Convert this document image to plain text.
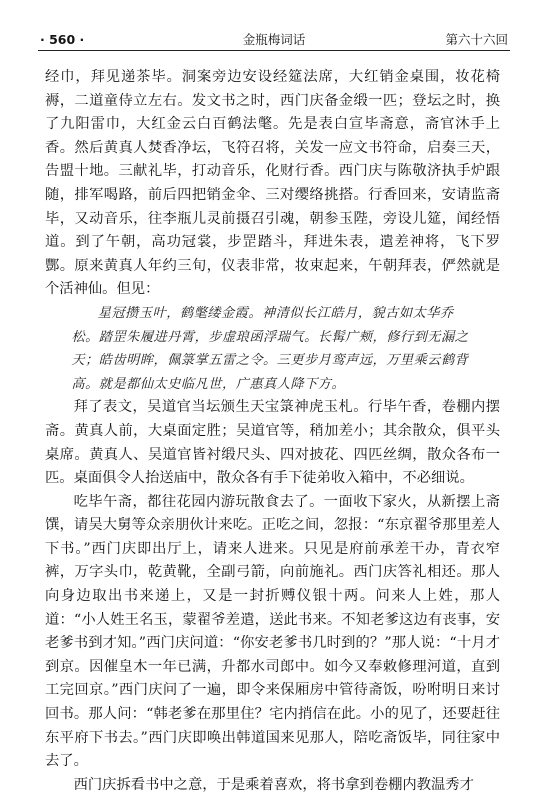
· 560 ·	金瓶梅词话	第六十六回

经巾，拜见递茶毕。洞案旁边安设经筵法席，大红销金桌围，妆花椅褥，二道童侍立左右。发文书之时，西门庆备金缎一匹；登坛之时，换了九阳雷巾，大红金云白百鹤法氅。先是表白宣毕斋意，斋官沐手上香。然后黄真人焚香净坛，飞符召将，关发一应文书符命，启奏三天，告盟十地。三献礼毕，打动音乐，化财行香。西门庆与陈敬济执手炉跟随，排军喝路，前后四把销金伞、三对缨络挑搭。行香回来，安请监斋毕，又动音乐，往李瓶儿灵前摄召引魂，朝参玉陛，旁设儿筵，闻经悟道。到了午朝，高功冠裳，步罡踏斗，拜进朱表，遣差神将，飞下罗酆。原来黄真人年约三旬，仪表非常，妆束起来，午朝拜表，俨然就是个活神仙。但见：

星冠攒玉叶，鹤氅缕金霞。神清似长江皓月，貌古如太华乔
松。踏罡朱履进丹霄，步虚琅函浮瑞气。长髯广颊，修行到无漏之
天；皓齿明眸，佩箓掌五雷之令。三更步月鸾声远，万里乘云鹤背
高。就是都仙太史临凡世，广惠真人降下方。

拜了表文，吴道官当坛颁生天宝箓神虎玉札。行毕午香，卷棚内摆斋。黄真人前，大桌面定胜；吴道官等，稍加差小；其余散众，俱平头桌席。黄真人、吴道官皆衬缎尺头、四对披花、四匹丝绸，散众各布一匹。桌面俱令人抬送庙中，散众各有手下徒弟收入箱中，不必细说。

吃毕午斋，都往花园内游玩散食去了。一面收下家火，从新摆上斋馔，请吴大舅等众亲朋伙计来吃。正吃之间，忽报：“东京翟爷那里差人下书。”西门庆即出厅上，请来人进来。只见是府前承差干办，青衣窄裤，万字头巾，乾黄靴，全副弓箭，向前施礼。西门庆答礼相还。那人向身边取出书来递上，又是一封折赙仪银十两。问来人上姓，那人道：“小人姓王名玉，蒙翟爷差遣，送此书来。不知老爹这边有丧事，安老爹书到才知。”西门庆问道：“你安老爹书几时到的？”那人说：“十月才到京。因催皇木一年已满，升都水司郎中。如今又奉敕修理河道，直到工完回京。”西门庆问了一遍，即令来保厢房中管待斋饭，吩咐明日来讨回书。那人问：“韩老爹在那里住？宅内捎信在此。小的见了，还要赶往东平府下书去。”西门庆即唤出韩道国来见那人，陪吃斋饭毕，同往家中去了。

西门庆拆看书中之意，于是乘着喜欢，将书拿到卷棚内教温秀才
